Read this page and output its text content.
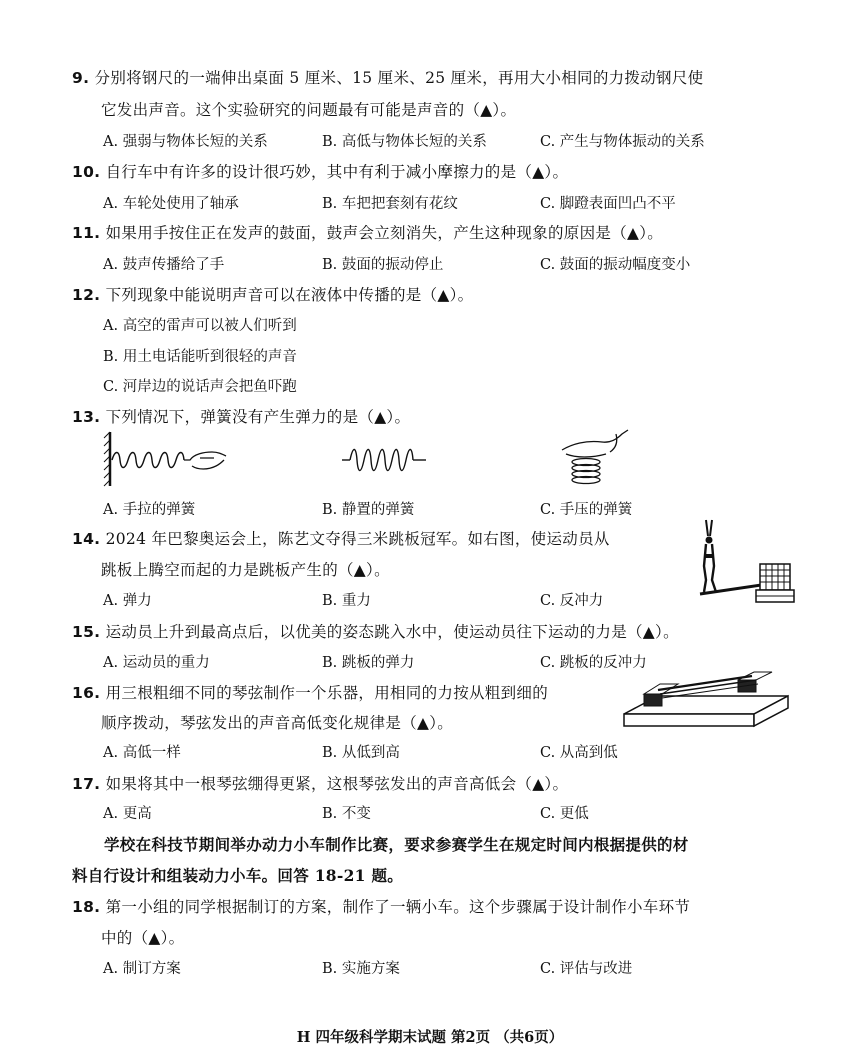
9. 分别将钢尺的一端伸出桌面 5 厘米、15 厘米、25 厘米，再用大小相同的力拨动钢尺使
它发出声音。这个实验研究的问题最有可能是声音的（▲）。
A. 强弱与物体长短的关系	B. 高低与物体长短的关系	C. 产生与物体振动的关系
10. 自行车中有许多的设计很巧妙，其中有利于减小摩擦力的是（▲）。
A. 车轮处使用了轴承	B. 车把把套刻有花纹	C. 脚蹬表面凹凸不平
11. 如果用手按住正在发声的鼓面，鼓声会立刻消失，产生这种现象的原因是（▲）。
A. 鼓声传播给了手	B. 鼓面的振动停止	C. 鼓面的振动幅度变小
12. 下列现象中能说明声音可以在液体中传播的是（▲）。
A. 高空的雷声可以被人们听到
B. 用土电话能听到很轻的声音
C. 河岸边的说话声会把鱼吓跑
13. 下列情况下，弹簧没有产生弹力的是（▲）。
A. 手拉的弹簧	B. 静置的弹簧	C. 手压的弹簧
14. 2024 年巴黎奥运会上，陈艺文夺得三米跳板冠军。如右图，使运动员从
跳板上腾空而起的力是跳板产生的（▲）。
A. 弹力	B. 重力	C. 反冲力
15. 运动员上升到最高点后，以优美的姿态跳入水中，使运动员往下运动的力是（▲）。
A. 运动员的重力	B. 跳板的弹力	C. 跳板的反冲力
16. 用三根粗细不同的琴弦制作一个乐器，用相同的力按从粗到细的
顺序拨动，琴弦发出的声音高低变化规律是（▲）。
A. 高低一样	B. 从低到高	C. 从高到低
17. 如果将其中一根琴弦绷得更紧，这根琴弦发出的声音高低会（▲）。
A. 更高	B. 不变	C. 更低
学校在科技节期间举办动力小车制作比赛，要求参赛学生在规定时间内根据提供的材
料自行设计和组装动力小车。回答 18-21 题。
18. 第一小组的同学根据制订的方案，制作了一辆小车。这个步骤属于设计制作小车环节
中的（▲）。
A. 制订方案	B. 实施方案	C. 评估与改进
H 四年级科学期末试题 第2页 （共6页）
